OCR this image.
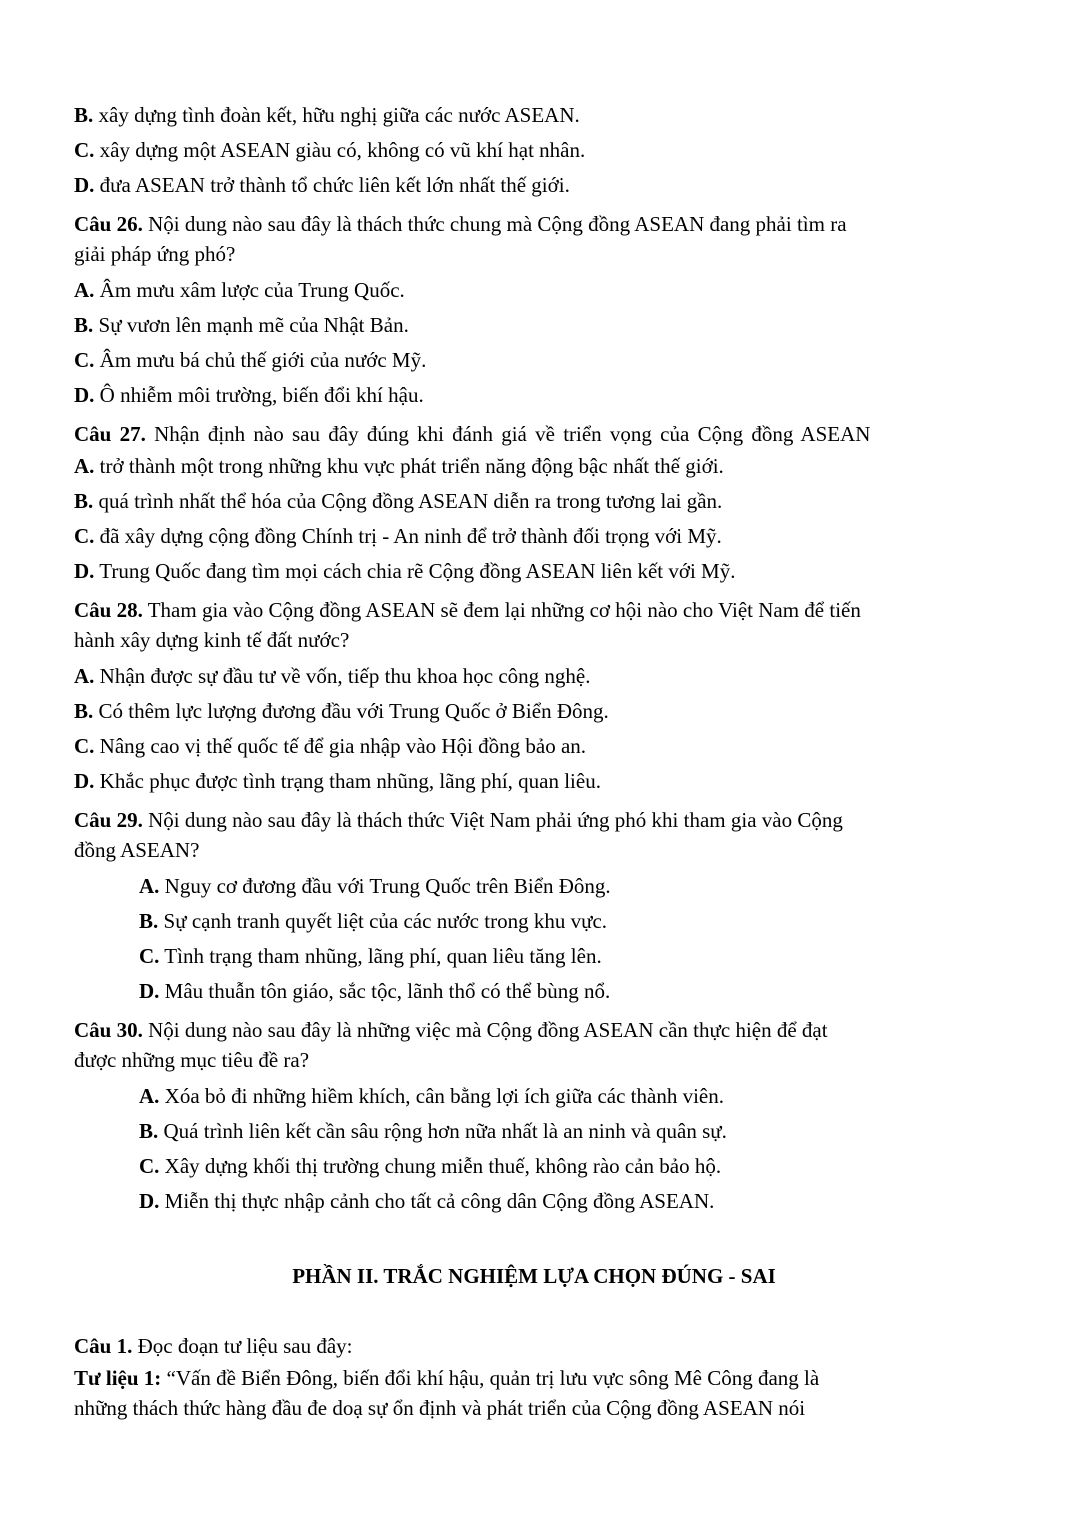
B. xây dựng tình đoàn kết, hữu nghị giữa các nước ASEAN.
C. xây dựng một ASEAN giàu có, không có vũ khí hạt nhân.
D. đưa ASEAN trở thành tổ chức liên kết lớn nhất thế giới.
Câu 26. Nội dung nào sau đây là thách thức chung mà Cộng đồng ASEAN đang phải tìm ra
giải pháp ứng phó?
A. Âm mưu xâm lược của Trung Quốc.
B. Sự vươn lên mạnh mẽ của Nhật Bản.
C. Âm mưu bá chủ thế giới của nước Mỹ.
D. Ô nhiễm môi trường, biến đổi khí hậu.
Câu 27. Nhận định nào sau đây đúng khi đánh giá về triển vọng của Cộng đồng ASEAN
A. trở thành một trong những khu vực phát triển năng động bậc nhất thế giới.
B. quá trình nhất thể hóa của Cộng đồng ASEAN diễn ra trong tương lai gần.
C. đã xây dựng cộng đồng Chính trị - An ninh để trở thành đối trọng với Mỹ.
D. Trung Quốc đang tìm mọi cách chia rẽ Cộng đồng ASEAN liên kết với Mỹ.
Câu 28. Tham gia vào Cộng đồng ASEAN sẽ đem lại những cơ hội nào cho Việt Nam để tiến
hành xây dựng kinh tế đất nước?
A. Nhận được sự đầu tư về vốn, tiếp thu khoa học công nghệ.
B. Có thêm lực lượng đương đầu với Trung Quốc ở Biển Đông.
C. Nâng cao vị thế quốc tế để gia nhập vào Hội đồng bảo an.
D. Khắc phục được tình trạng tham nhũng, lãng phí, quan liêu.
Câu 29. Nội dung nào sau đây là thách thức Việt Nam phải ứng phó khi tham gia vào Cộng
đồng ASEAN?
A. Nguy cơ đương đầu với Trung Quốc trên Biển Đông.
B. Sự cạnh tranh quyết liệt của các nước trong khu vực.
C. Tình trạng tham nhũng, lãng phí, quan liêu tăng lên.
D. Mâu thuẫn tôn giáo, sắc tộc, lãnh thổ có thể bùng nổ.
Câu 30. Nội dung nào sau đây là những việc mà Cộng đồng ASEAN cần thực hiện để đạt
được những mục tiêu đề ra?
A. Xóa bỏ đi những hiềm khích, cân bằng lợi ích giữa các thành viên.
B. Quá trình liên kết cần sâu rộng hơn nữa nhất là an ninh và quân sự.
C. Xây dựng khối thị trường chung miễn thuế, không rào cản bảo hộ.
D. Miễn thị thực nhập cảnh cho tất cả công dân Cộng đồng ASEAN.
PHẦN II. TRẮC NGHIỆM LỰA CHỌN ĐÚNG - SAI
Câu 1. Đọc đoạn tư liệu sau đây:
Tư liệu 1: “Vấn đề Biển Đông, biến đổi khí hậu, quản trị lưu vực sông Mê Công đang là
những thách thức hàng đầu đe doạ sự ổn định và phát triển của Cộng đồng ASEAN nói
